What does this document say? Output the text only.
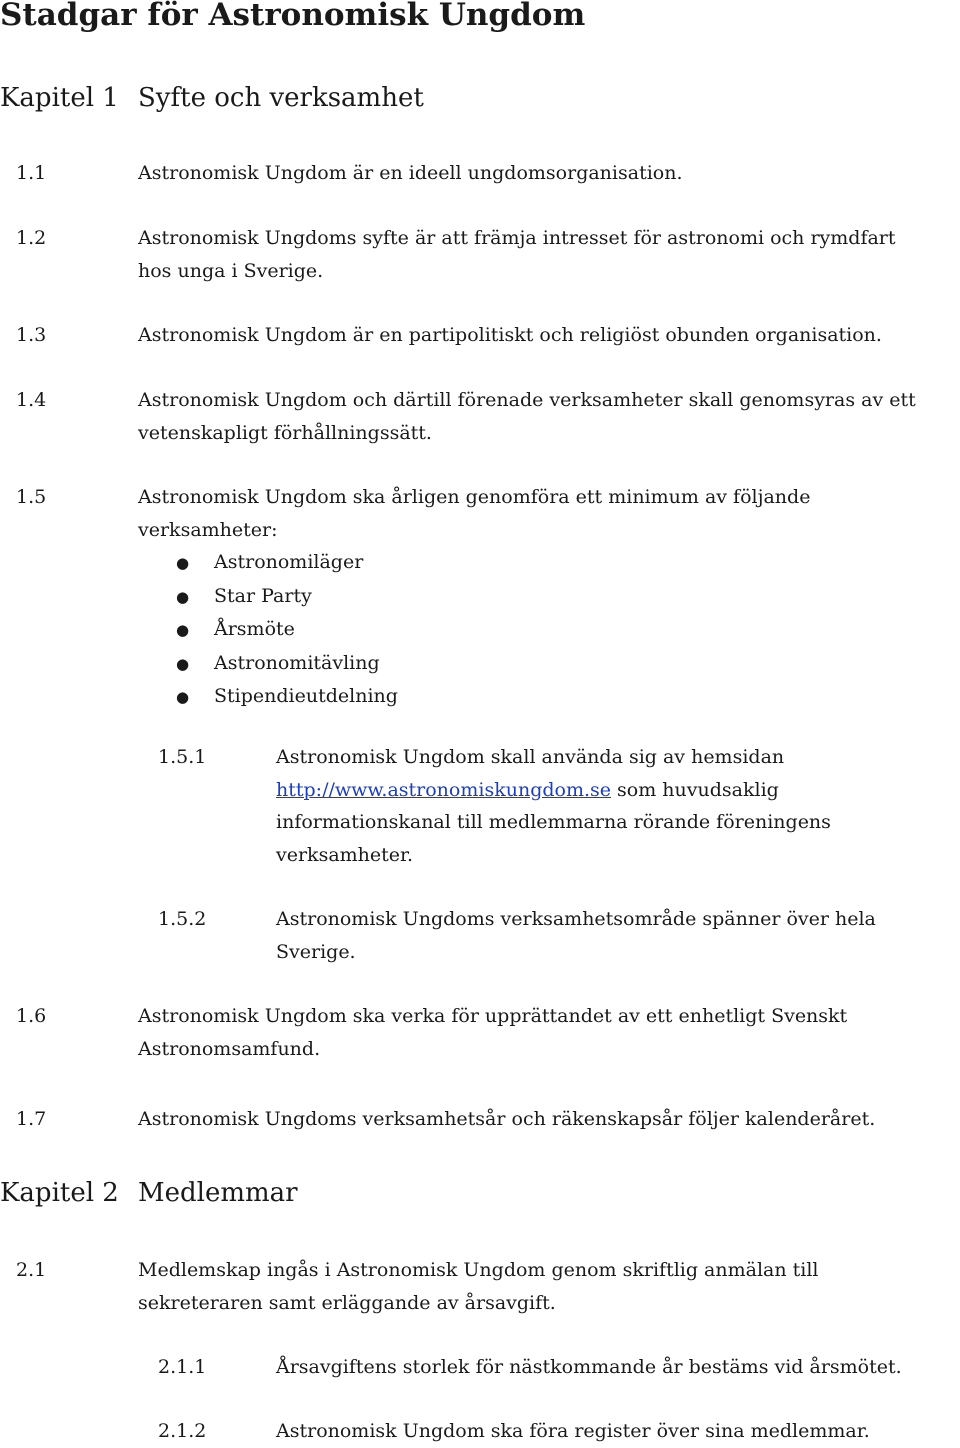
Stadgar för Astronomisk Ungdom
Kapitel 1 Syfte och verksamhet
1.1	Astronomisk Ungdom är en ideell ungdomsorganisation.
1.2	Astronomisk Ungdoms syfte är att främja intresset för astronomi och rymdfart
hos unga i Sverige.
1.3	Astronomisk Ungdom är en partipolitiskt och religiöst obunden organisation.
1.4	Astronomisk Ungdom och därtill förenade verksamheter skall genomsyras av ett
vetenskapligt förhållningssätt.
1.5	Astronomisk Ungdom ska årligen genomföra ett minimum av följande
verksamheter:
● Astronomiläger
● Star Party
● Årsmöte
● Astronomitävling
● Stipendieutdelning
1.5.1	Astronomisk Ungdom skall använda sig av hemsidan
http://www.astronomiskungdom.se som huvudsaklig
informationskanal till medlemmarna rörande föreningens
verksamheter.
1.5.2	Astronomisk Ungdoms verksamhetsområde spänner över hela
Sverige.
1.6	Astronomisk Ungdom ska verka för upprättandet av ett enhetligt Svenskt
Astronomsamfund.
1.7	Astronomisk Ungdoms verksamhetsår och räkenskapsår följer kalenderåret.
Kapitel 2 Medlemmar
2.1	Medlemskap ingås i Astronomisk Ungdom genom skriftlig anmälan till
sekreteraren samt erläggande av årsavgift.
2.1.1	Årsavgiftens storlek för nästkommande år bestäms vid årsmötet.
2.1.2	Astronomisk Ungdom ska föra register över sina medlemmar.
